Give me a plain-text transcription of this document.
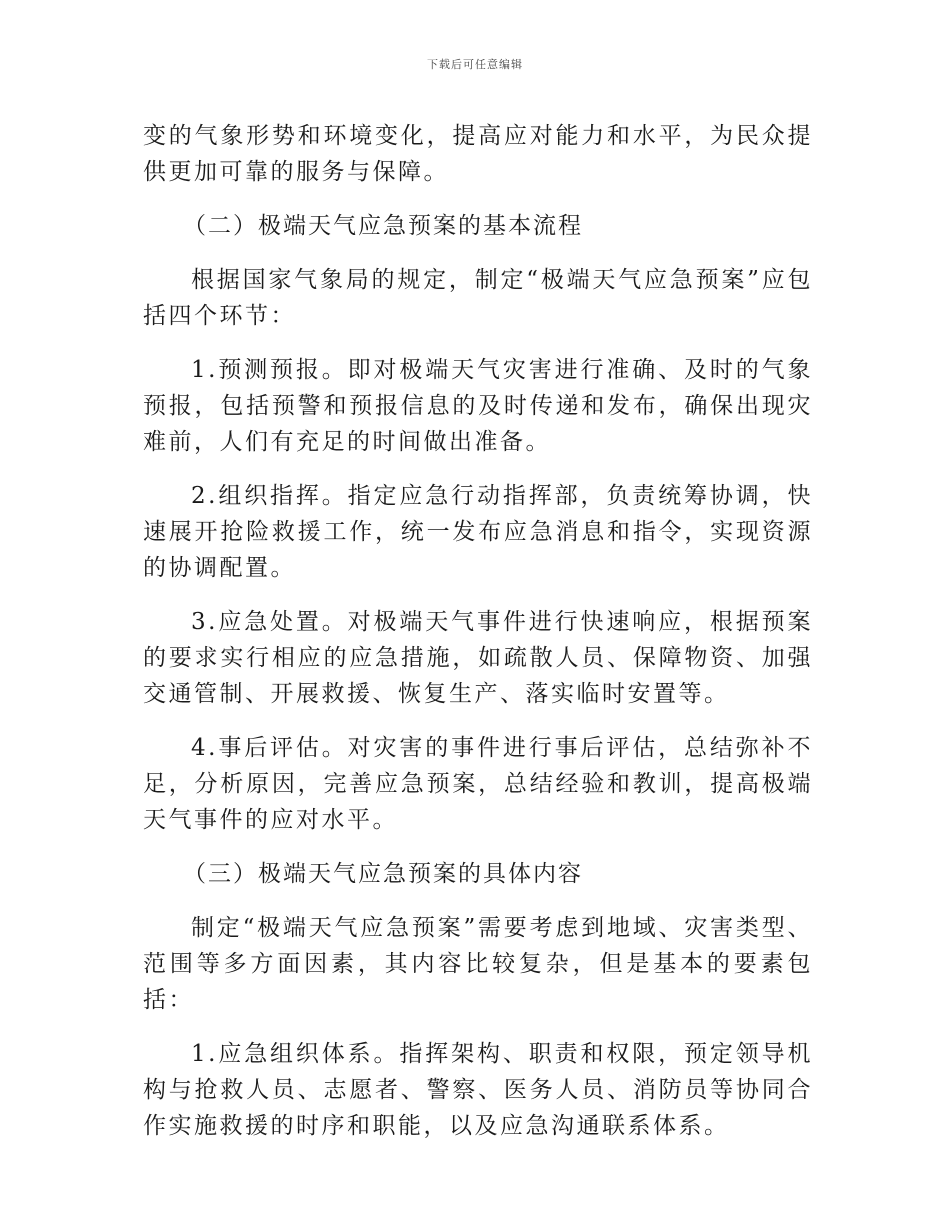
下载后可任意编辑

变的气象形势和环境变化，提高应对能力和水平，为民众提供更加可靠的服务与保障。

（二）极端天气应急预案的基本流程

根据国家气象局的规定，制定“极端天气应急预案”应包括四个环节：

1.预测预报。即对极端天气灾害进行准确、及时的气象预报，包括预警和预报信息的及时传递和发布，确保出现灾难前，人们有充足的时间做出准备。

2.组织指挥。指定应急行动指挥部，负责统筹协调，快速展开抢险救援工作，统一发布应急消息和指令，实现资源的协调配置。

3.应急处置。对极端天气事件进行快速响应，根据预案的要求实行相应的应急措施，如疏散人员、保障物资、加强交通管制、开展救援、恢复生产、落实临时安置等。

4.事后评估。对灾害的事件进行事后评估，总结弥补不足，分析原因，完善应急预案，总结经验和教训，提高极端天气事件的应对水平。

（三）极端天气应急预案的具体内容

制定“极端天气应急预案”需要考虑到地域、灾害类型、范围等多方面因素，其内容比较复杂，但是基本的要素包括：

1.应急组织体系。指挥架构、职责和权限，预定领导机构与抢救人员、志愿者、警察、医务人员、消防员等协同合作实施救援的时序和职能，以及应急沟通联系体系。
